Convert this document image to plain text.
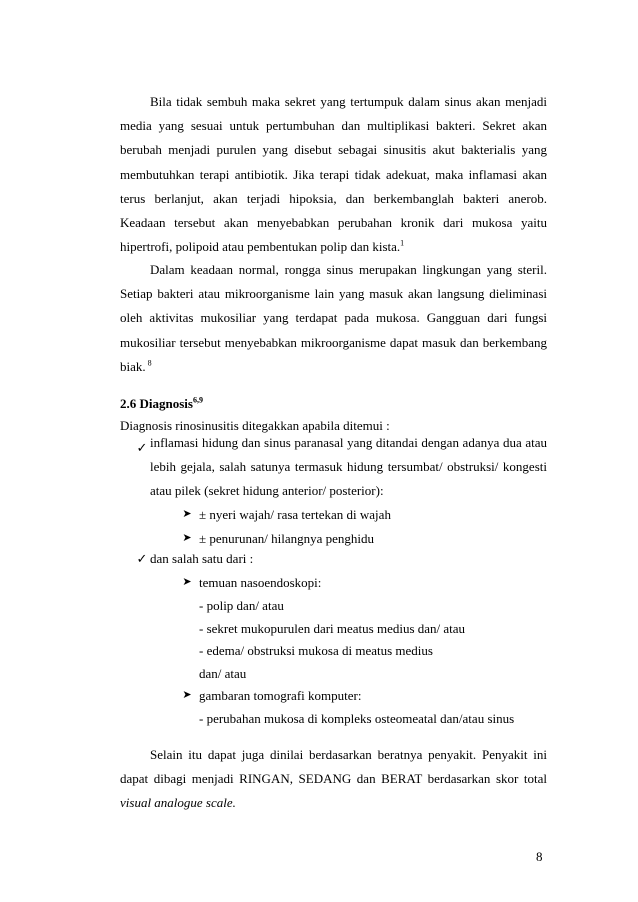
Bila tidak sembuh maka sekret yang tertumpuk dalam sinus akan menjadi media yang sesuai untuk pertumbuhan dan multiplikasi bakteri. Sekret akan berubah menjadi purulen yang disebut sebagai sinusitis akut bakterialis yang membutuhkan terapi antibiotik. Jika terapi tidak adekuat, maka inflamasi akan terus berlanjut, akan terjadi hipoksia, dan berkembanglah bakteri anerob. Keadaan tersebut akan menyebabkan perubahan kronik dari mukosa yaitu hipertrofi, polipoid atau pembentukan polip dan kista.$^1$

Dalam keadaan normal, rongga sinus merupakan lingkungan yang steril. Setiap bakteri atau mikroorganisme lain yang masuk akan langsung dieliminasi oleh aktivitas mukosiliar yang terdapat pada mukosa. Gangguan dari fungsi mukosiliar tersebut menyebabkan mikroorganisme dapat masuk dan berkembang biak. $^8$

2.6 Diagnosis$^{6,9}$
Diagnosis rinosinusitis ditegakkan apabila ditemui :
✓ inflamasi hidung dan sinus paranasal yang ditandai dengan adanya dua atau lebih gejala, salah satunya termasuk hidung tersumbat/ obstruksi/ kongesti atau pilek (sekret hidung anterior/ posterior):

➤ ± nyeri wajah/ rasa tertekan di wajah
➤ ± penurunan/ hilangnya penghidu
✓ dan salah satu dari :
➤ temuan nasoendoskopi:
- polip dan/ atau
- sekret mukopurulen dari meatus medius dan/ atau
- edema/ obstruksi mukosa di meatus medius
dan/ atau
➤ gambaran tomografi komputer:
- perubahan mukosa di kompleks osteomeatal dan/atau sinus

Selain itu dapat juga dinilai berdasarkan beratnya penyakit. Penyakit ini dapat dibagi menjadi RINGAN, SEDANG dan BERAT berdasarkan skor total visual analogue scale.

8
